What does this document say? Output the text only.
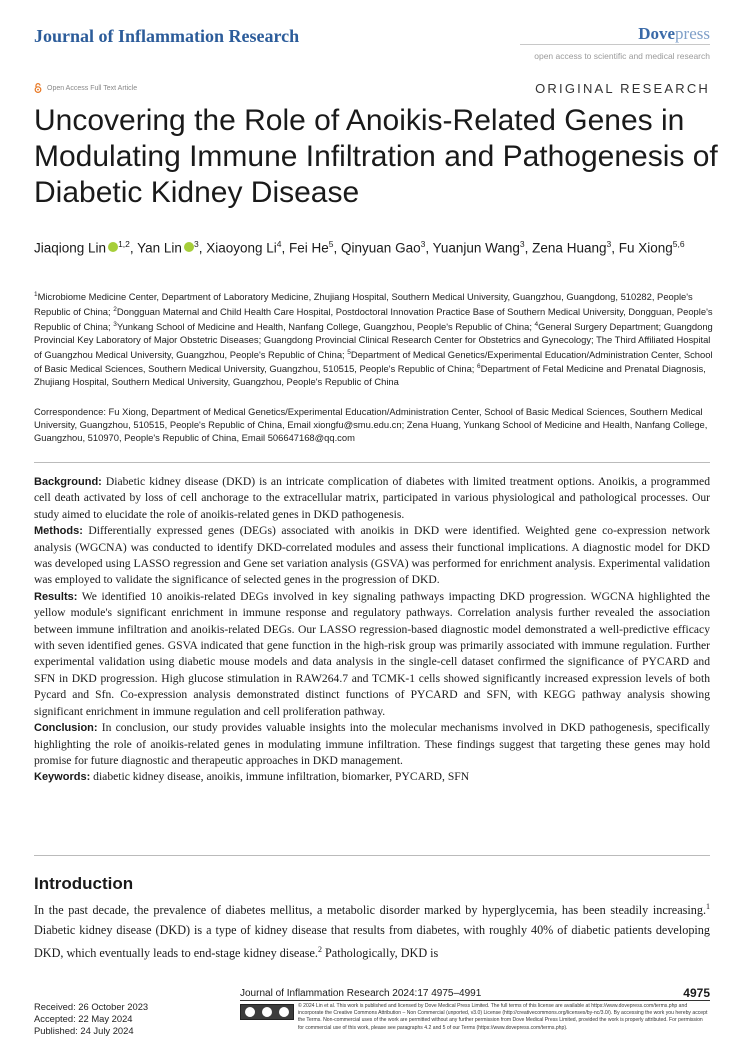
Journal of Inflammation Research	Dovepress
open access to scientific and medical research
Open Access Full Text Article	ORIGINAL RESEARCH
Uncovering the Role of Anoikis-Related Genes in Modulating Immune Infiltration and Pathogenesis of Diabetic Kidney Disease
Jiaqiong Lin $^{1,2}$, Yan Lin $^3$, Xiaoyong Li$^4$, Fei He$^5$, Qinyuan Gao$^3$, Yuanjun Wang$^3$, Zena Huang$^3$, Fu Xiong$^{5,6}$
$^1$Microbiome Medicine Center, Department of Laboratory Medicine, Zhujiang Hospital, Southern Medical University, Guangzhou, Guangdong, 510282, People's Republic of China; $^2$Dongguan Maternal and Child Health Care Hospital, Postdoctoral Innovation Practice Base of Southern Medical University, Dongguan, People's Republic of China; $^3$Yunkang School of Medicine and Health, Nanfang College, Guangzhou, People's Republic of China; $^4$General Surgery Department; Guangdong Provincial Key Laboratory of Major Obstetric Diseases; Guangdong Provincial Clinical Research Center for Obstetrics and Gynecology; The Third Affiliated Hospital of Guangzhou Medical University, Guangzhou, People's Republic of China; $^5$Department of Medical Genetics/Experimental Education/Administration Center, School of Basic Medical Sciences, Southern Medical University, Guangzhou, 510515, People's Republic of China; $^6$Department of Fetal Medicine and Prenatal Diagnosis, Zhujiang Hospital, Southern Medical University, Guangzhou, People's Republic of China
Correspondence: Fu Xiong, Department of Medical Genetics/Experimental Education/Administration Center, School of Basic Medical Sciences, Southern Medical University, Guangzhou, 510515, People's Republic of China, Email xiongfu@smu.edu.cn; Zena Huang, Yunkang School of Medicine and Health, Nanfang College, Guangzhou, 510970, People's Republic of China, Email 506647168@qq.com

Background: Diabetic kidney disease (DKD) is an intricate complication of diabetes with limited treatment options. Anoikis, a programmed cell death activated by loss of cell anchorage to the extracellular matrix, participated in various physiological and pathological processes. Our study aimed to elucidate the role of anoikis-related genes in DKD pathogenesis.

Methods: Differentially expressed genes (DEGs) associated with anoikis in DKD were identified. Weighted gene co-expression network analysis (WGCNA) was conducted to identify DKD-correlated modules and assess their functional implications. A diagnostic model for DKD was developed using LASSO regression and Gene set variation analysis (GSVA) was performed for enrichment analysis. Experimental validation was employed to validate the significance of selected genes in the progression of DKD.

Results: We identified 10 anoikis-related DEGs involved in key signaling pathways impacting DKD progression. WGCNA highlighted the yellow module's significant enrichment in immune response and regulatory pathways. Correlation analysis further revealed the association between immune infiltration and anoikis-related DEGs. Our LASSO regression-based diagnostic model demonstrated a well-predictive efficacy with seven identified genes. GSVA indicated that gene function in the high-risk group was primarily associated with immune regulation. Further experimental validation using diabetic mouse models and data analysis in the single-cell dataset confirmed the significance of PYCARD and SFN in DKD progression. High glucose stimulation in RAW264.7 and TCMK-1 cells showed significantly increased expression levels of both Pycard and Sfn. Co-expression analysis demonstrated distinct functions of PYCARD and SFN, with KEGG pathway analysis showing significant enrichment in immune regulation and cell proliferation pathway.

Conclusion: In conclusion, our study provides valuable insights into the molecular mechanisms involved in DKD pathogenesis, specifically highlighting the role of anoikis-related genes in modulating immune infiltration. These findings suggest that targeting these genes may hold promise for future diagnostic and therapeutic approaches in DKD management.

Keywords: diabetic kidney disease, anoikis, immune infiltration, biomarker, PYCARD, SFN

Introduction

In the past decade, the prevalence of diabetes mellitus, a metabolic disorder marked by hyperglycemia, has been steadily increasing.$^1$ Diabetic kidney disease (DKD) is a type of kidney disease that results from diabetes, with roughly 40% of diabetic patients developing DKD, which eventually leads to end-stage kidney disease.$^2$ Pathologically, DKD is

Journal of Inflammation Research 2024:17 4975–4991	4975
© 2024 Lin et al. This work is published and licensed by Dove Medical Press Limited. The full terms of this license are available at https://www.dovepress.com/terms.php and incorporate the Creative Commons Attribution – Non Commercial (unported, v3.0) License (http://creativecommons.org/licenses/by-nc/3.0/). By accessing the work you hereby accept the Terms. Non-commercial uses of the work are permitted without any further permission from Dove Medical Press Limited, provided the work is properly attributed. For permission for commercial use of this work, please see paragraphs 4.2 and 5 of our Terms (https://www.dovepress.com/terms.php).
Received: 26 October 2023
Accepted: 22 May 2024
Published: 24 July 2024
